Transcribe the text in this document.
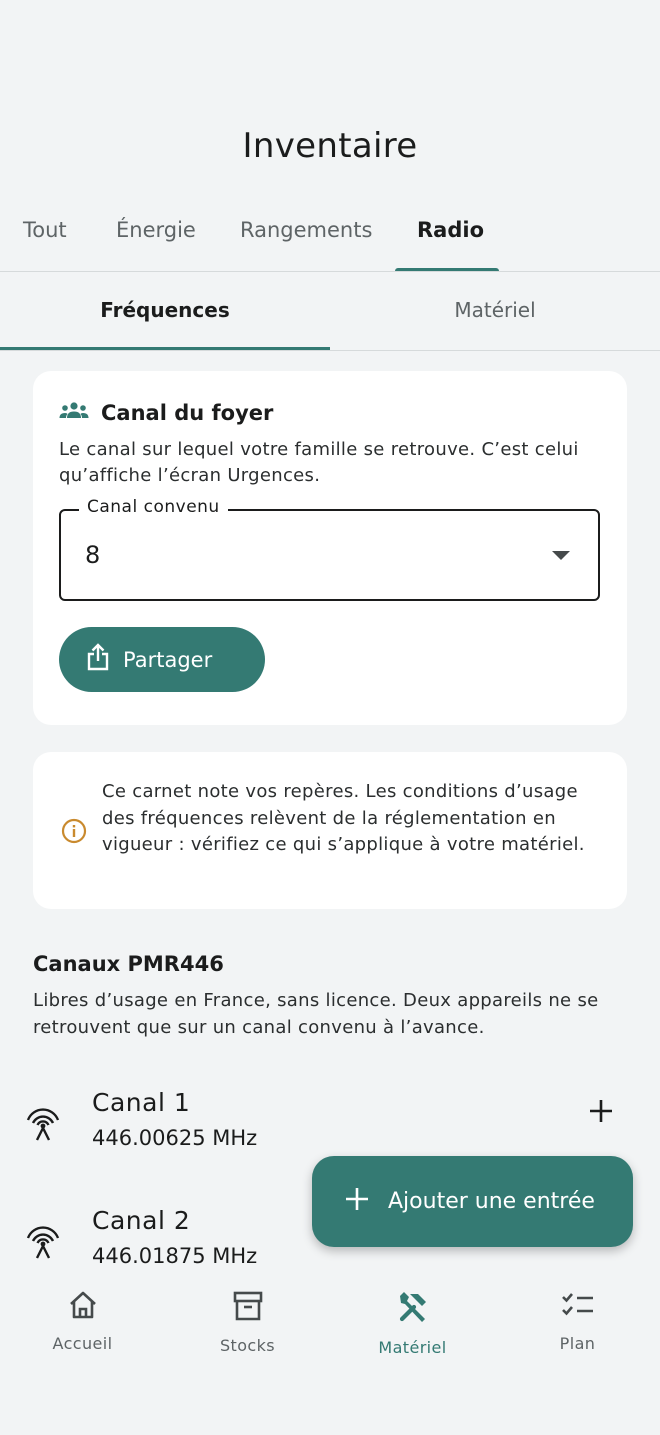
Inventaire
Tout Énergie Rangements Radio
Fréquences	Matériel
Canal du foyer

Le canal sur lequel votre famille se retrouve. C’est celui qu’affiche l’écran Urgences.

Canal convenu
8
Partager

Ce carnet note vos repères. Les conditions d’usage des fréquences relèvent de la réglementation en vigueur : vérifiez ce qui s’applique à votre matériel.

Canaux PMR446

Libres d’usage en France, sans licence. Deux appareils ne se retrouvent que sur un canal convenu à l’avance.

Canal 1
446.00625 MHz
Canal 2
446.01875 MHz
Ajouter une entrée
Accueil	Stocks	Matériel	Plan
